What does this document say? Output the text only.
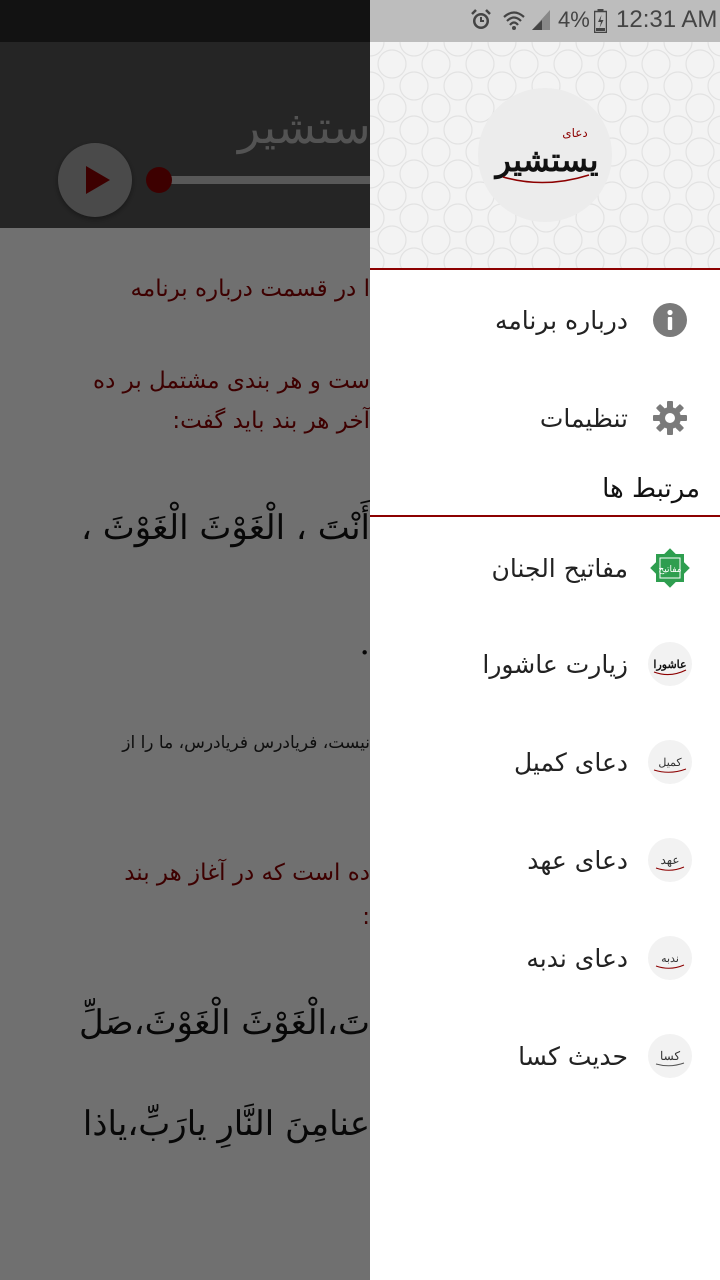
4% 12:31 AM
یستشیر
دعای
درباره برنامه
تنظیمات
مرتبط ها
مفاتیح
مفاتیح الجنان
عاشورا
زیارت عاشورا
کمیل
دعای کمیل
عهد
دعای عهد
ندبه
دعای ندبه
کسا
حدیث کسا
